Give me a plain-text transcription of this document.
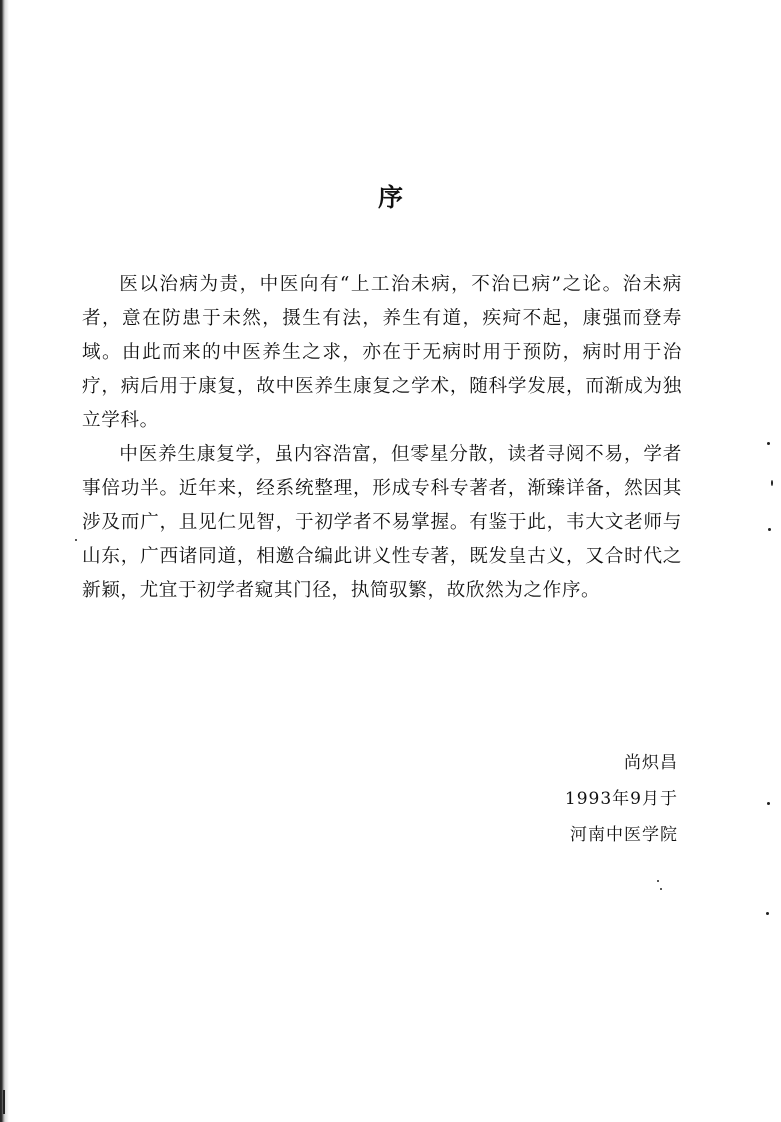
序

医以治病为责，中医向有“上工治未病，不治已病”之论。治未病者，意在防患于未然，摄生有法，养生有道，疾疴不起，康强而登寿域。由此而来的中医养生之求，亦在于无病时用于预防，病时用于治疗，病后用于康复，故中医养生康复之学术，随科学发展，而渐成为独立学科。

中医养生康复学，虽内容浩富，但零星分散，读者寻阅不易，学者事倍功半。近年来，经系统整理，形成专科专著者，渐臻详备，然因其涉及而广，且见仁见智，于初学者不易掌握。有鉴于此，韦大文老师与山东，广西诸同道，相邀合编此讲义性专著，既发皇古义，又合时代之新颖，尤宜于初学者窥其门径，执简驭繁，故欣然为之作序。

尚炽昌
1993年9月于
河南中医学院
